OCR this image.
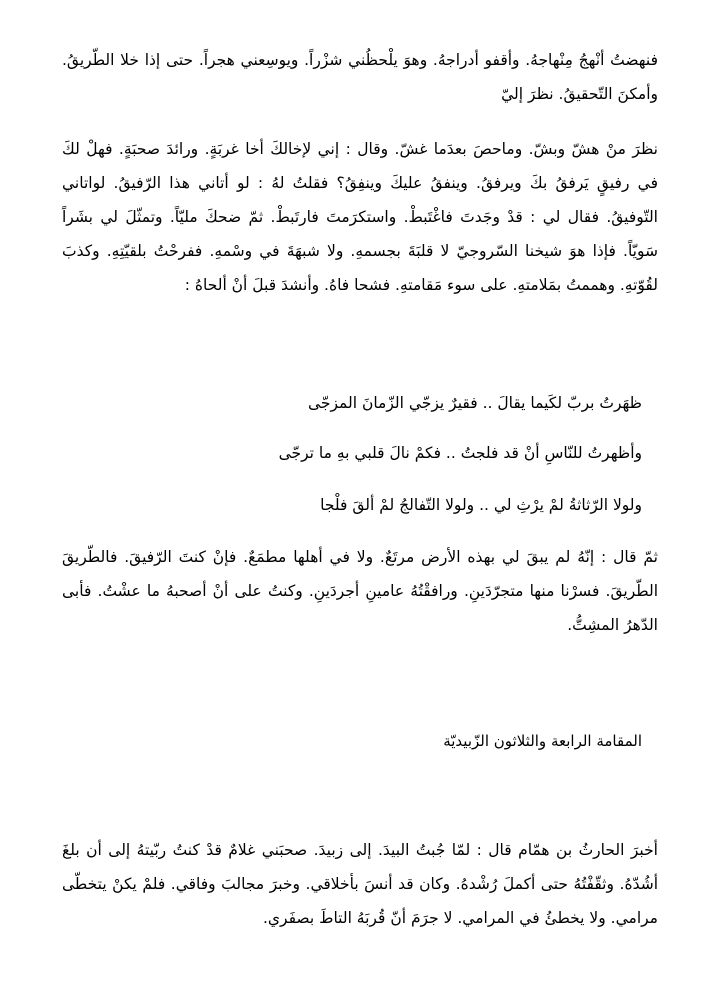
فنهضتُ أنْهجُ مِنْهاجهُ. وأقفو أدراجهُ. وهوَ يلْحظُني شزْراً. ويوسِعني هجراً. حتى إذا خلا الطّريقُ. وأمكنَ التّحقيقُ. نظرَ إليّ

نظرَ منْ هشّ وبشّ. وماحصَ بعدَما غشّ. وقال : إني لإخالكَ أخا غربَةٍ. ورائدَ صحبَةٍ. فهلْ لكَ في رفيقٍ يَرفقُ بكَ ويرفقُ. وينفقُ عليكَ وينفِقُ؟ فقلتُ لهُ : لو أتاني هذا الرّفيقُ. لواتاني التّوفيقُ. فقال لي : قدْ وجَدتَ فاغْتَبطْ. واستكرَمتَ فارتَبطْ. ثمّ ضحكَ مليّاً. وتمثّلَ لي بشَراً سَويّاً. فإذا هوَ شيخنا السّروجيّ لا قلبَةَ بجسمهِ. ولا شبهَةَ في وسْمهِ. ففرحْتُ بلقيّتِهِ. وكذبَ لقُوّتهِ. وهممتُ بمَلامتهِ. على سوء مَقامتهِ. فشحا فاهُ. وأنشدَ قبلَ أنْ ألحاهُ :

ظهَرتُ بربّ لكَيما يقالَ .. فقيرٌ يزجّي الزّمانَ المزجّى

وأظهرتُ للنّاسِ أنْ قد فلجتُ .. فكمْ نالَ قلبي بهِ ما ترجّى

ولولا الرّثاثةُ لمْ يرْثِ لي .. ولولا التّفالجُ لمْ ألقَ فلْجا

ثمّ قال : إنّهُ لم يبقَ لي بهذه الأرض مرتَعٌ. ولا في أهلها مطمَعٌ. فإنْ كنتَ الرّفيقَ. فالطّريقَ الطّريقَ. فسرْنا منها متجرّدَينِ. ورافقْتُهُ عامينِ أجردَينِ. وكنتُ على أنْ أصحبهُ ما عشْتُ. فأبى الدّهرُ المشِتُّ.

المقامة الرابعة والثلاثون الزّبيديّة

أخبرَ الحارثُ بن همّام قال : لمّا جُبتُ البيدَ. إلى زبيدَ. صحبَني غلامٌ قدْ كنتُ ربّيتهُ إلى أن بلغَ أشُدّهُ. وثقّفْتُهُ حتى أكملَ رُشْدهُ. وكان قد أنسَ بأخلاقي. وخبرَ مجالبَ وفاقي. فلمْ يكنْ يتخطّى مرامي. ولا يخطئُ في المرامي. لا جرَمَ أنّ قُربَهُ التاطَ بصفَري.
